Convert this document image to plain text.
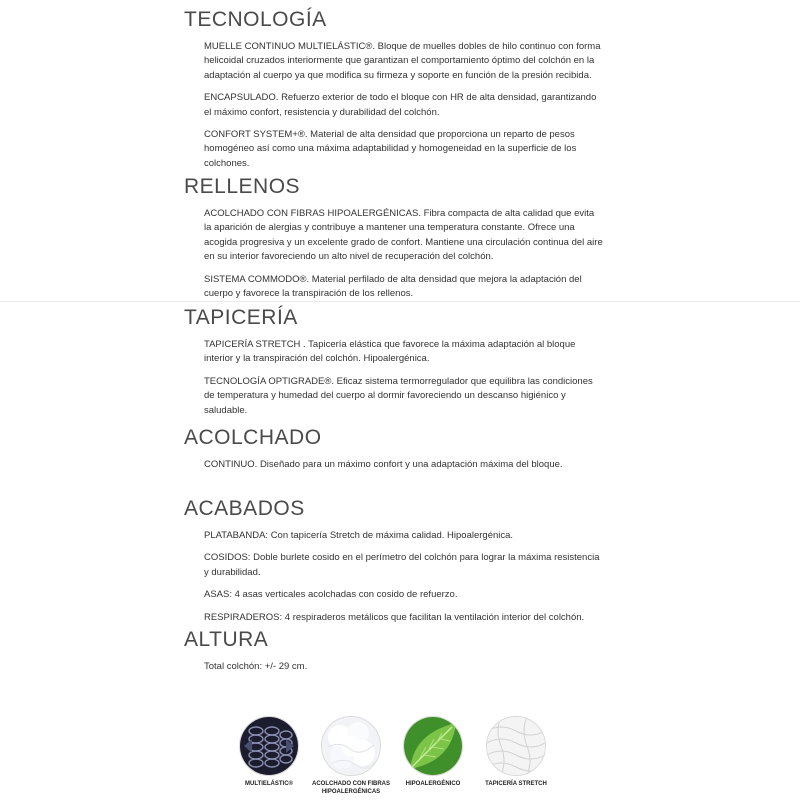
TECNOLOGÍA
MUELLE CONTINUO MULTIELÁSTIC®. Bloque de muelles dobles de hilo continuo con forma helicoidal cruzados interiormente que garantizan el comportamiento óptimo del colchón en la adaptación al cuerpo ya que modifica su firmeza y soporte en función de la presión recibida.
ENCAPSULADO. Refuerzo exterior de todo el bloque con HR de alta densidad, garantizando el máximo confort, resistencia y durabilidad del colchón.
CONFORT SYSTEM+®. Material de alta densidad que proporciona un reparto de pesos homogéneo así como una máxima adaptabilidad y homogeneidad en la superficie de los colchones.
RELLENOS
ACOLCHADO CON FIBRAS HIPOALERGÉNICAS. Fibra compacta de alta calidad que evita la aparición de alergias y contribuye a mantener una temperatura constante. Ofrece una acogida progresiva y un excelente grado de confort. Mantiene una circulación continua del aire en su interior favoreciendo un alto nivel de recuperación del colchón.
SISTEMA COMMODO®. Material perfilado de alta densidad que mejora la adaptación del cuerpo y favorece la transpiración de los rellenos.
TAPICERÍA
TAPICERÍA STRETCH . Tapicería elástica que favorece la máxima adaptación al bloque interior y la transpiración del colchón. Hipoalergénica.
TECNOLOGÍA OPTIGRADE®. Eficaz sistema termorregulador que equilibra las condiciones de temperatura y humedad del cuerpo al dormir favoreciendo un descanso higiénico y saludable.
ACOLCHADO
CONTINUO. Diseñado para un máximo confort y una adaptación máxima del bloque.
ACABADOS
PLATABANDA: Con tapicería Stretch de máxima calidad. Hipoalergénica.
COSIDOS: Doble burlete cosido en el perímetro del colchón para lograr la máxima resistencia y durabilidad.
ASAS: 4 asas verticales acolchadas con cosido de refuerzo.
RESPIRADEROS: 4 respiraderos metálicos que facilitan la ventilación interior del colchón.
ALTURA
Total colchón: +/- 29 cm.
MULTIELÁSTIC®	ACOLCHADO CON FIBRAS HIPOALERGÉNICAS
HIPOALERGÉNICO	TAPICERÍA STRETCH
